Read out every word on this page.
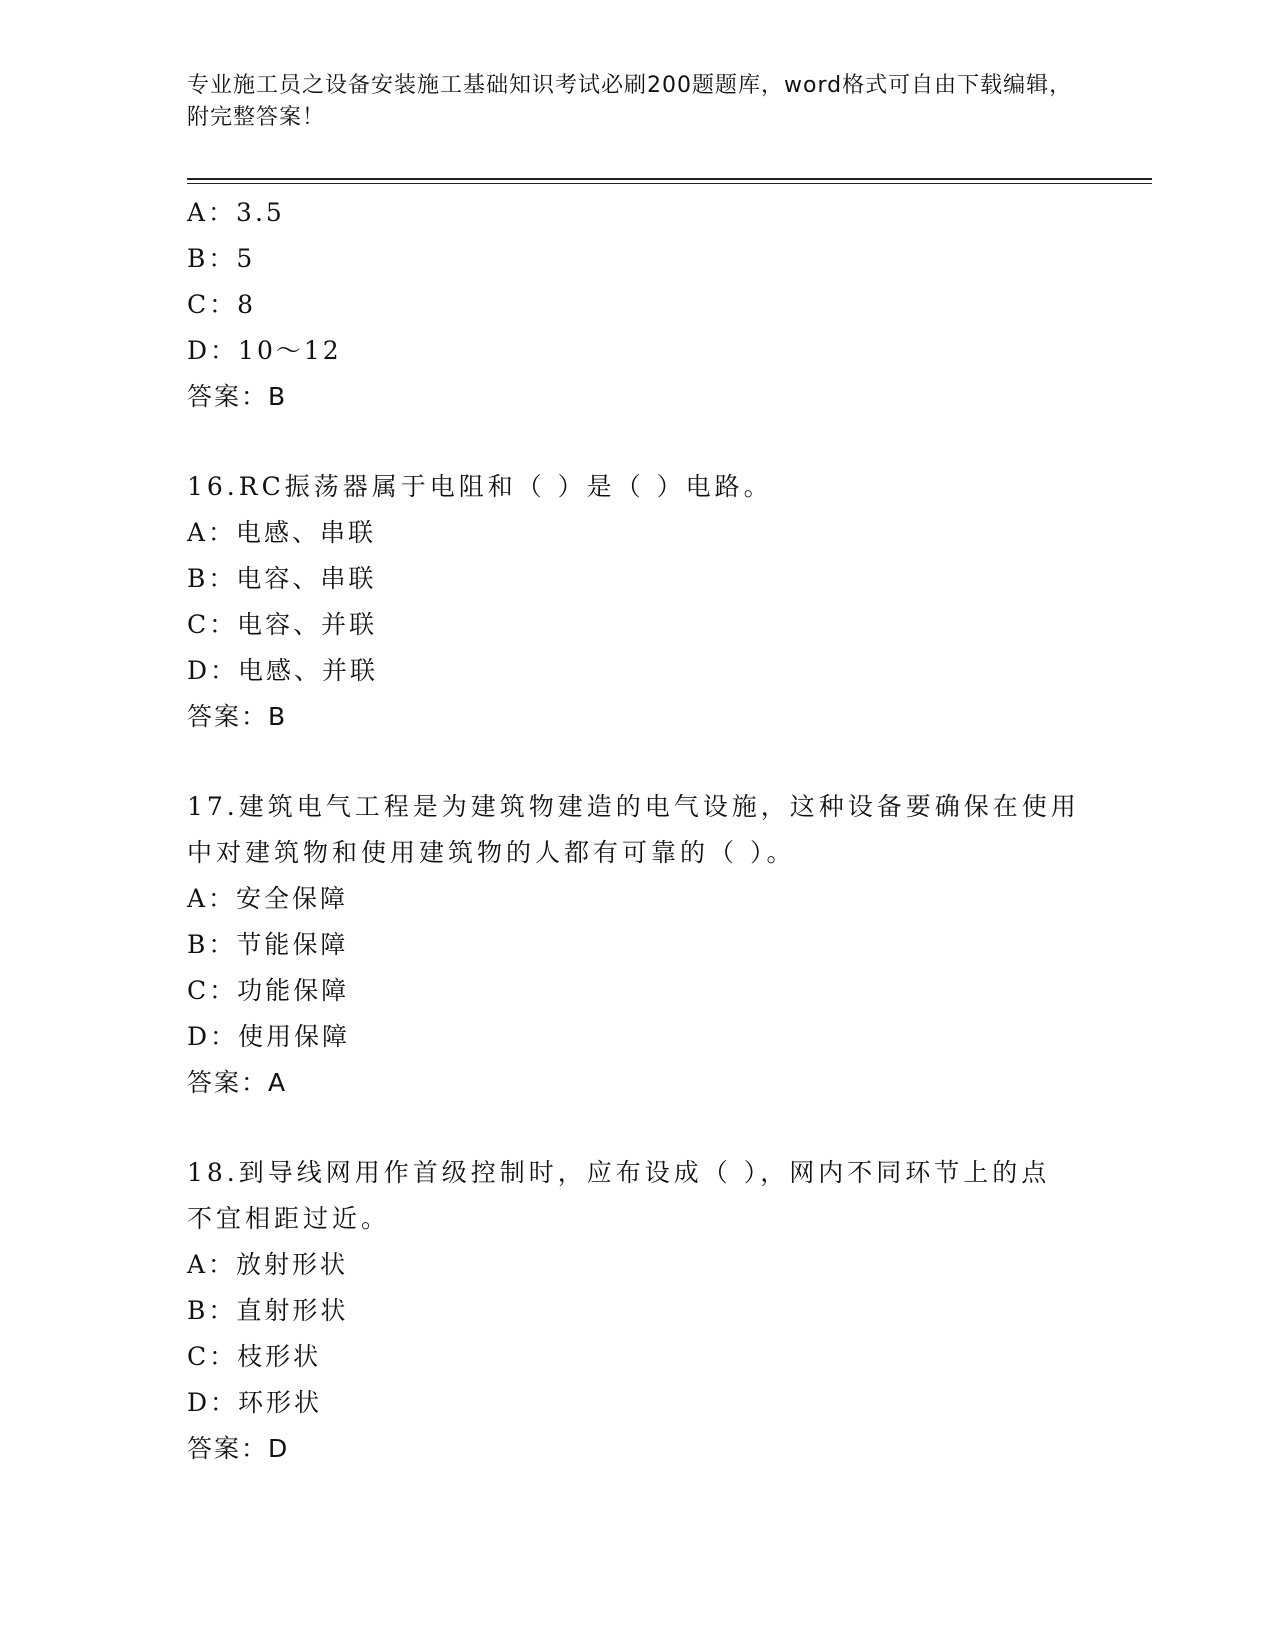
专业施工员之设备安装施工基础知识考试必刷200题题库，word格式可自由下载编辑，附完整答案！
A：3.5
B：5
C：8
D：10～12
答案：B
16.RC振荡器属于电阻和（ ）是（ ）电路。
A：电感、串联
B：电容、串联
C：电容、并联
D：电感、并联
答案：B
17.建筑电气工程是为建筑物建造的电气设施，这种设备要确保在使用
中对建筑物和使用建筑物的人都有可靠的（ ）。
A：安全保障
B：节能保障
C：功能保障
D：使用保障
答案：A
18.到导线网用作首级控制时，应布设成（ ），网内不同环节上的点
不宜相距过近。
A：放射形状
B：直射形状
C：枝形状
D：环形状
答案：D
